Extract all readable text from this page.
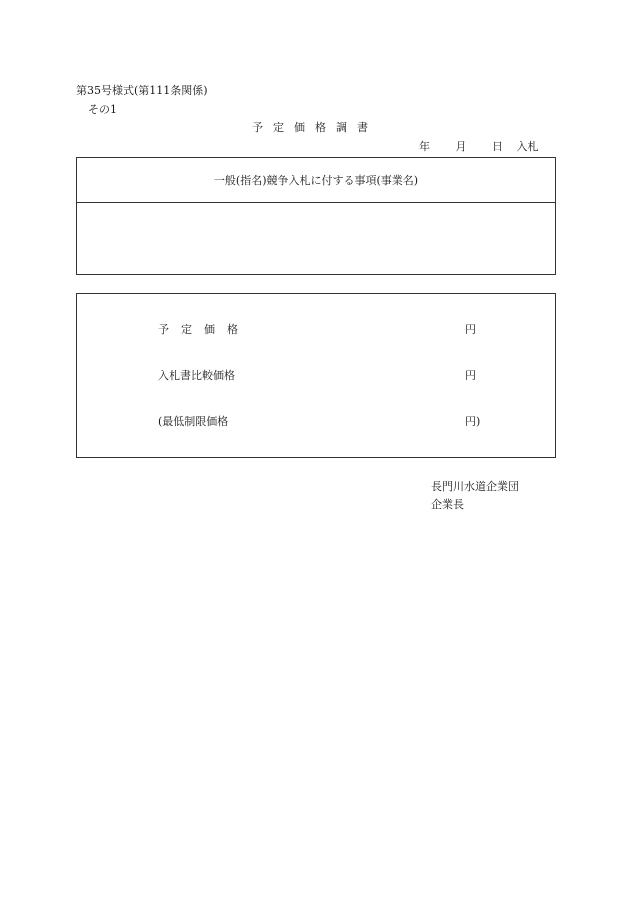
第35号様式(第111条関係)
その1
予定価格調書
年 月 日 入札
一般(指名)競争入札に付する事項(事業名)
予定価格	円
入札書比較価格	円
(最低制限価格	円)
長門川水道企業団
企業長
